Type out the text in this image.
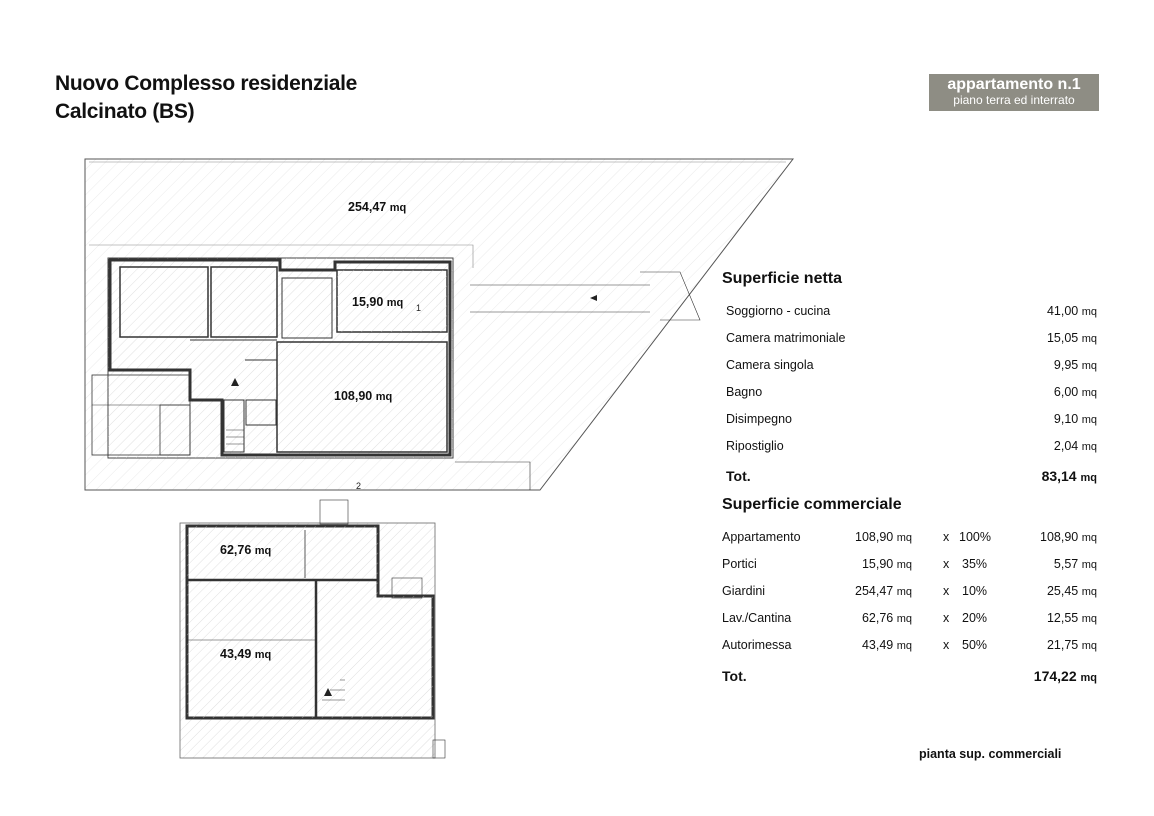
Nuovo Complesso residenziale
Calcinato (BS)
appartamento n.1
piano terra ed interrato
254,47 mq
15,90 mq 1
2
108,90 mq
62,76 mq
43,49 mq
Superficie netta
Soggiorno - cucina	41,00 mq
Camera matrimoniale	15,05 mq
Camera singola	9,95 mq
Bagno	6,00 mq
Disimpegno	9,10 mq
Ripostiglio	2,04 mq
Tot.	83,14 mq
Superficie commerciale
Appartamento	108,90 mq x 100%	108,90 mq
Portici	15,90 mq x 35%	5,57 mq
Giardini	254,47 mq x 10%	25,45 mq
Lav./Cantina	62,76 mq x 20%	12,55 mq
Autorimessa	43,49 mq x 50%	21,75 mq
Tot.	174,22 mq
pianta sup. commerciali
